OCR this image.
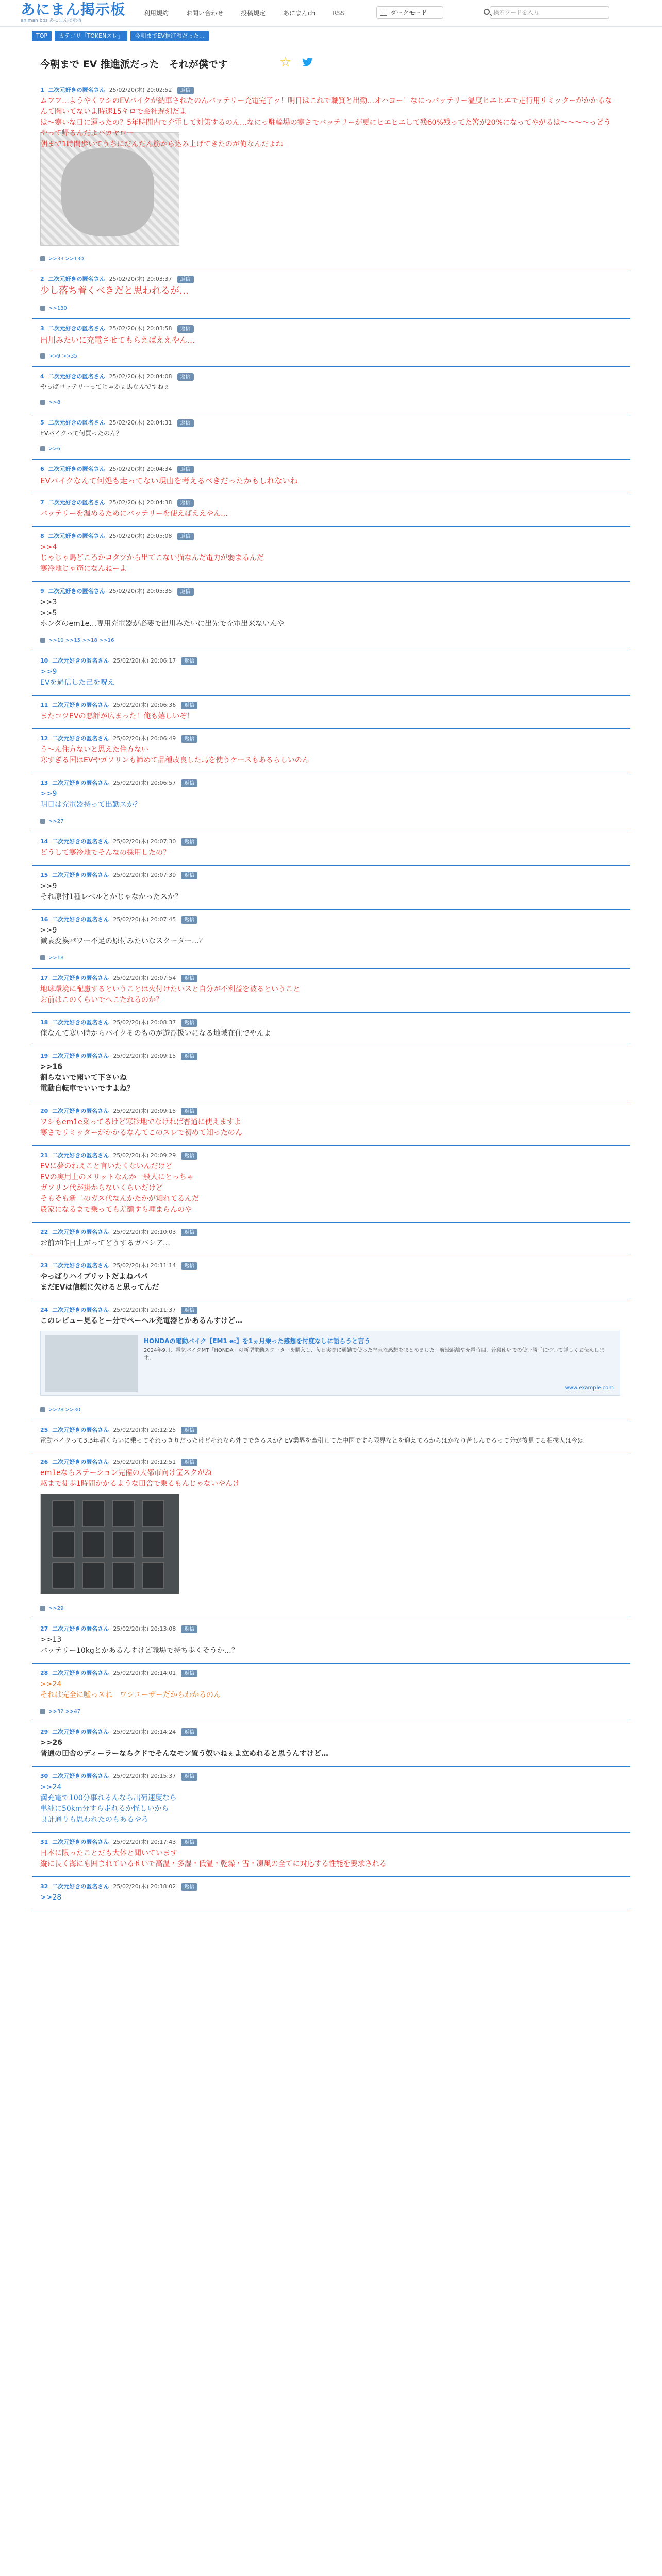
あにまん掲示板
animan bbs あにまん掲示板
利用規約	お問い合わせ	投稿規定	あにまんch	RSS	ダークモード	検索ワードを入力
TOP	カテゴリ「TOKENスレ」	今朝までEV推進派だった…
今朝まで EV 推進派だった　それが僕です	☆
1 二次元好きの匿名さん 25/02/20(木) 20:02:52 返信
ムフフ…ようやくワシのEVバイクが納車されたのんバッテリー充電完了ッ！明日はこれで職質と出勤…オハヨー！なにっバッテリー温度ヒエヒエで走行用リミッターがかかるなんて聞いてないよ時速15キロで会社遅刻だよ
は〜寒いな日に運ったの？5年時間内で充電して対策するのん…なにっ駐輪場の寒さでバッテリーが更にヒエヒエして残60%残ってた筈が20%になってやがるは〜〜〜〜っどうやって帰るんだよバカヤロー
朝まで1時間歩いてうちにだんだん筋から込み上げてきたのが俺なんだよね
>>33 >>130
2 二次元好きの匿名さん 25/02/20(木) 20:03:37 返信
少し落ち着くべきだと思われるが…
>>130
3 二次元好きの匿名さん 25/02/20(木) 20:03:58 返信
出川みたいに充電させてもらえばええやん…
>>9 >>35
4 二次元好きの匿名さん 25/02/20(木) 20:04:08 返信
やっぱバッテリーってじゃかぁ馬なんですねぇ
>>8
5 二次元好きの匿名さん 25/02/20(木) 20:04:31 返信
EVバイクって何買ったのん？
>>6
6 二次元好きの匿名さん 25/02/20(木) 20:04:34 返信
EVバイクなんて何処も走ってない現由を考えるべきだったかもしれないね
7 二次元好きの匿名さん 25/02/20(木) 20:04:38 返信
バッテリーを温めるためにバッテリーを使えばええやん…
8 二次元好きの匿名さん 25/02/20(木) 20:05:08 返信
>>4
じゃじゃ馬どころかコタツから出てこない猫なんだ電力が弱まるんだ
寒冷地じゃ筋になんねーよ
9 二次元好きの匿名さん 25/02/20(木) 20:05:35 返信
>>3
>>5
ホンダのem1e…専用充電器が必要で出川みたいに出先で充電出来ないんや
>>10 >>15 >>18 >>16
10 二次元好きの匿名さん 25/02/20(木) 20:06:17 返信
>>9
EVを過信した己を呪え
11 二次元好きの匿名さん 25/02/20(木) 20:06:36 返信
またコツEVの悪評が広まった！俺も嬉しいぞ！
12 二次元好きの匿名さん 25/02/20(木) 20:06:49 返信
う〜ん住方ないと思えた住方ない
寒すぎる国はEVやガソリンも諦めて品種改良した馬を使うケースもあるらしいのん
13 二次元好きの匿名さん 25/02/20(木) 20:06:57 返信
>>9
明日は充電器持って出勤スか？
>>27
14 二次元好きの匿名さん 25/02/20(木) 20:07:30 返信
どうして寒冷地でそんなの採用したの？
15 二次元好きの匿名さん 25/02/20(木) 20:07:39 返信
>>9
それ原付1種レベルとかじゃなかったスか？
16 二次元好きの匿名さん 25/02/20(木) 20:07:45 返信
>>9
減衰変換パワー不足の原付みたいなスクーター…？
>>18
17 二次元好きの匿名さん 25/02/20(木) 20:07:54 返信
地球環境に配慮するということは火付けたいスと自分が不利益を被るということ
お前はこのくらいでへこたれるのか？
18 二次元好きの匿名さん 25/02/20(木) 20:08:37 返信
俺なんて寒い時からバイクそのものが遊び扱いになる地域在住でやんよ
19 二次元好きの匿名さん 25/02/20(木) 20:09:15 返信
>>16
割らないで聞いて下さいね
電動自転車でいいですよね？
20 二次元好きの匿名さん 25/02/20(木) 20:09:15 返信
ワシもem1e乗ってるけど寒冷地でなければ普通に使えますよ
寒さでリミッターがかかるなんてこのスレで初めて知ったのん
21 二次元好きの匿名さん 25/02/20(木) 20:09:29 返信
EVに夢のねえこと言いたくないんだけど
EVの実用上のメリットなんか一般人にとっちゃ
ガソリン代が掛からないくらいだけど
そもそも新二のガス代なんかたかが知れてるんだ
農家になるまで乗っても差額すら埋まらんのや
22 二次元好きの匿名さん 25/02/20(木) 20:10:03 返信
お前が昨日上がってどうするガバシア…
23 二次元好きの匿名さん 25/02/20(木) 20:11:14 返信
やっぱりハイブリットだよねパパ
まだEVは信頼に欠けると思ってんだ
24 二次元好きの匿名さん 25/02/20(木) 20:11:37 返信
このレビュー見るとー分でペーヘル充電器とかあるんすけど…
HONDAの電動バイク【EM1 e:】を1ヵ月乗った感想を忖度なしに語らうと言う
2024年9月、電気バイクMT「HONDA」の新型電動スクーターを購入し、毎日実際に通勤で使った率直な感想をまとめました。航続距離や充電時間、普段使いでの使い勝手について詳しくお伝えします。
www.example.com
>>28 >>30
25 二次元好きの匿名さん 25/02/20(木) 20:12:25 返信
電動バイクって3.3年超くらいに乗ってそれっきりだったけどそれなら外でできるスか？EV業界を牽引してた中国ですら限界なとを迎えてるからはかなり苦しんでるって分が後見てる相撲人は今は
26 二次元好きの匿名さん 25/02/20(木) 20:12:51 返信
em1eならステーション完備の大都市向け筐スクがね
駆まで徒歩1時間かかるような田舎で乗るもんじゃないやんけ
>>29
27 二次元好きの匿名さん 25/02/20(木) 20:13:08 返信
>>13
バッテリー10kgとかあるんすけど職場で持ち歩くそうか…？
28 二次元好きの匿名さん 25/02/20(木) 20:14:01 返信
>>24
それは完全に嘘っスね　ワシユーザーだからわかるのん
>>32 >>47
29 二次元好きの匿名さん 25/02/20(木) 20:14:24 返信
>>26
普通の田舎のディーラーならクドでそんなモン置う奴いねぇよ立めれると思うんすけど…
30 二次元好きの匿名さん 25/02/20(木) 20:15:37 返信
>>24
満充電で100分事れるんなら出荷速度なら
単純に50km分すら走れるか怪しいから
良計通りも思われたのもあるやろ
31 二次元好きの匿名さん 25/02/20(木) 20:17:43 返信
日本に限ったことだも大体と聞いています
縦に長く海にも囲まれているせいで高温・多湿・低温・乾燥・雪・凍風の全てに対応する性能を要求される
32 二次元好きの匿名さん 25/02/20(木) 20:18:02 返信
>>28
